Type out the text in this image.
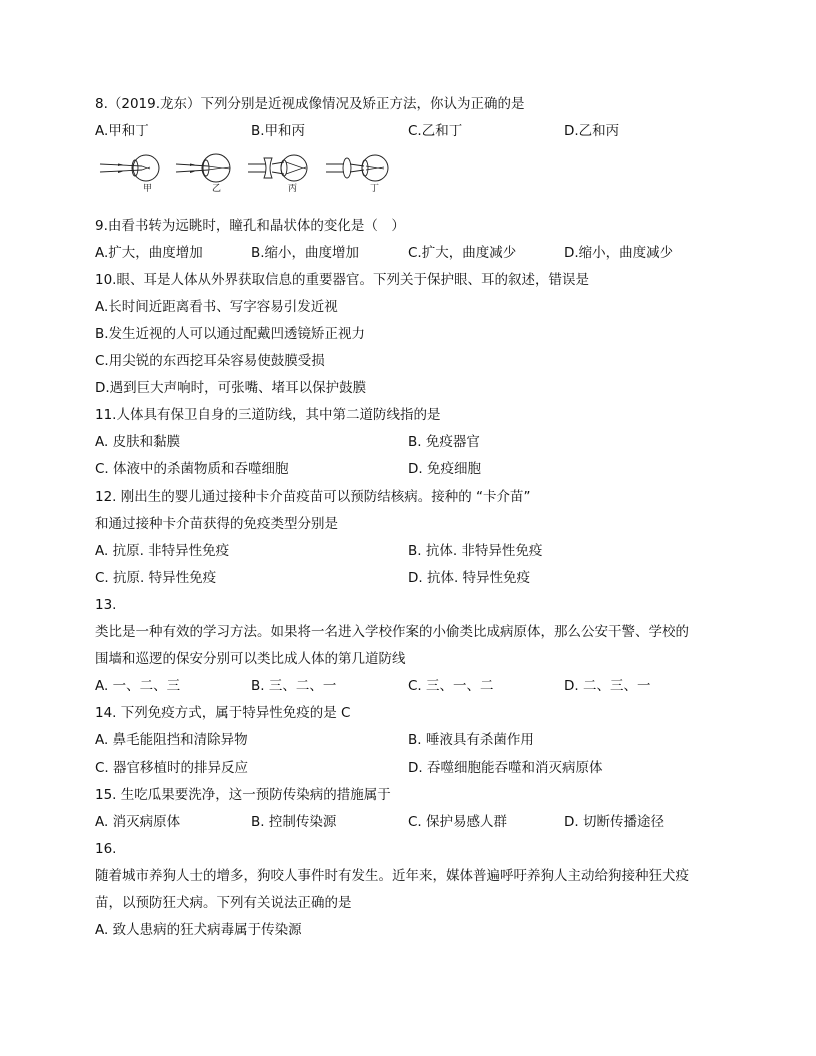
8.（2019.龙东）下列分别是近视成像情况及矫正方法，你认为正确的是
A.甲和丁	B.甲和丙	C.乙和丁	D.乙和丙
甲	乙	丙	丁
9.由看书转为远眺时，瞳孔和晶状体的变化是（　）
A.扩大，曲度增加	B.缩小，曲度增加	C.扩大，曲度减少	D.缩小，曲度减少
10.眼、耳是人体从外界获取信息的重要器官。下列关于保护眼、耳的叙述，错误是
A.长时间近距离看书、写字容易引发近视
B.发生近视的人可以通过配戴凹透镜矫正视力
C.用尖锐的东西挖耳朵容易使鼓膜受损
D.遇到巨大声响时，可张嘴、堵耳以保护鼓膜
11.人体具有保卫自身的三道防线，其中第二道防线指的是
A. 皮肤和黏膜	B. 免疫器官
C. 体液中的杀菌物质和吞噬细胞	D. 免疫细胞
12. 刚出生的婴儿通过接种卡介苗疫苗可以预防结核病。接种的 “卡介苗”
和通过接种卡介苗获得的免疫类型分别是
A. 抗原. 非特异性免疫	B. 抗体. 非特异性免疫
C. 抗原. 特异性免疫	D. 抗体. 特异性免疫
13.
类比是一种有效的学习方法。如果将一名进入学校作案的小偷类比成病原体，那么公安干警、学校的
围墙和巡逻的保安分别可以类比成人体的第几道防线
A. 一、二、三	B. 三、二、一	C. 三、一、二	D. 二、三、一
14. 下列免疫方式，属于特异性免疫的是 C
A. 鼻毛能阻挡和清除异物	B. 唾液具有杀菌作用
C. 器官移植时的排异反应	D. 吞噬细胞能吞噬和消灭病原体
15. 生吃瓜果要洗净，这一预防传染病的措施属于
A. 消灭病原体	B. 控制传染源	C. 保护易感人群	D. 切断传播途径
16.
随着城市养狗人士的增多，狗咬人事件时有发生。近年来，媒体普遍呼吁养狗人主动给狗接种狂犬疫
苗，以预防狂犬病。下列有关说法正确的是
A. 致人患病的狂犬病毒属于传染源
